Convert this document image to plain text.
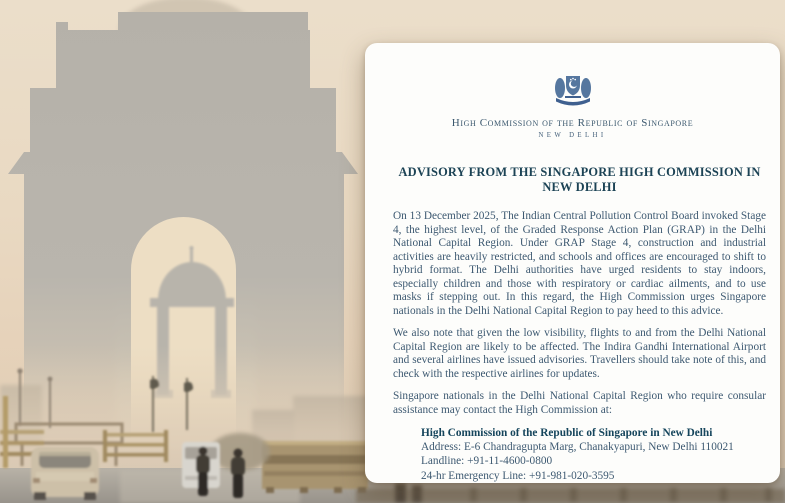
High Commission of the Republic of Singapore
NEW DELHI
ADVISORY FROM THE SINGAPORE HIGH COMMISSION IN NEW DELHI

On 13 December 2025, The Indian Central Pollution Control Board invoked Stage 4, the highest level, of the Graded Response Action Plan (GRAP) in the Delhi National Capital Region. Under GRAP Stage 4, construction and industrial activities are heavily restricted, and schools and offices are encouraged to shift to hybrid format. The Delhi authorities have urged residents to stay indoors, especially children and those with respiratory or cardiac ailments, and to use masks if stepping out. In this regard, the High Commission urges Singapore nationals in the Delhi National Capital Region to pay heed to this advice.

We also note that given the low visibility, flights to and from the Delhi National Capital Region are likely to be affected. The Indira Gandhi International Airport and several airlines have issued advisories. Travellers should take note of this, and check with the respective airlines for updates.

Singapore nationals in the Delhi National Capital Region who require consular assistance may contact the High Commission at:

High Commission of the Republic of Singapore in New Delhi
Address: E-6 Chandragupta Marg, Chanakyapuri, New Delhi 110021
Landline: +91-11-4600-0800
24-hr Emergency Line: +91-981-020-3595
